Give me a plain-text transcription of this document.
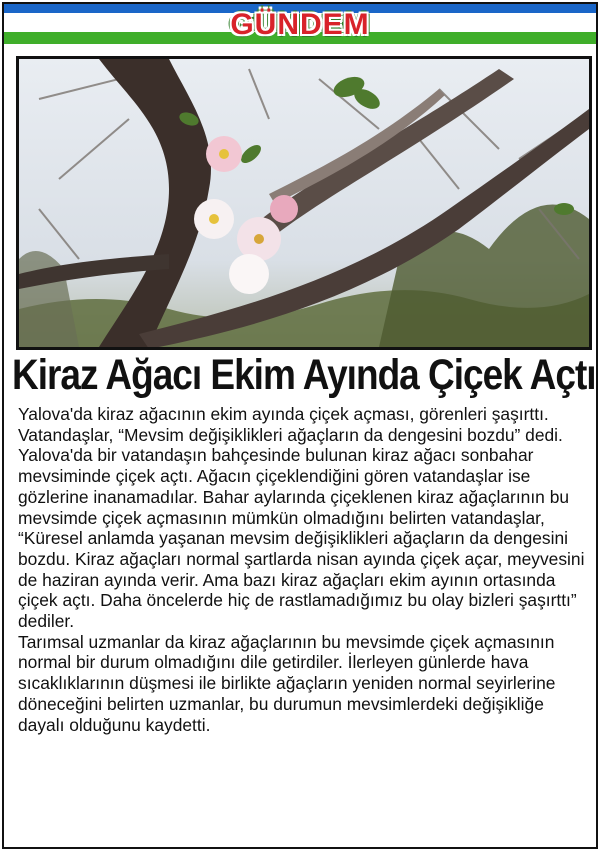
GÜNDEM
Kiraz Ağacı Ekim Ayında Çiçek Açtı

Yalova'da kiraz ağacının ekim ayında çiçek açması, görenleri şaşırttı. Vatandaşlar, “Mevsim değişiklikleri ağaçların da dengesini bozdu” dedi.

Yalova'da bir vatandaşın bahçesinde bulunan kiraz ağacı sonbahar mevsiminde çiçek açtı. Ağacın çiçeklendiğini gören vatandaşlar ise gözlerine inanamadılar. Bahar aylarında çiçeklenen kiraz ağaçlarının bu mevsimde çiçek açmasının mümkün olmadığını belirten vatandaşlar, “Küresel anlamda yaşanan mevsim değişiklikleri ağaçların da dengesini bozdu. Kiraz ağaçları normal şartlarda nisan ayında çiçek açar, meyvesini de haziran ayında verir. Ama bazı kiraz ağaçları ekim ayının ortasında çiçek açtı. Daha öncelerde hiç de rastlamadığımız bu olay bizleri şaşırttı” dediler.

Tarımsal uzmanlar da kiraz ağaçlarının bu mevsimde çiçek açmasının normal bir durum olmadığını dile getirdiler. İlerleyen günlerde hava sıcaklıklarının düşmesi ile birlikte ağaçların yeniden normal seyirlerine döneceğini belirten uzmanlar, bu durumun mevsimlerdeki değişikliğe dayalı olduğunu kaydetti.
